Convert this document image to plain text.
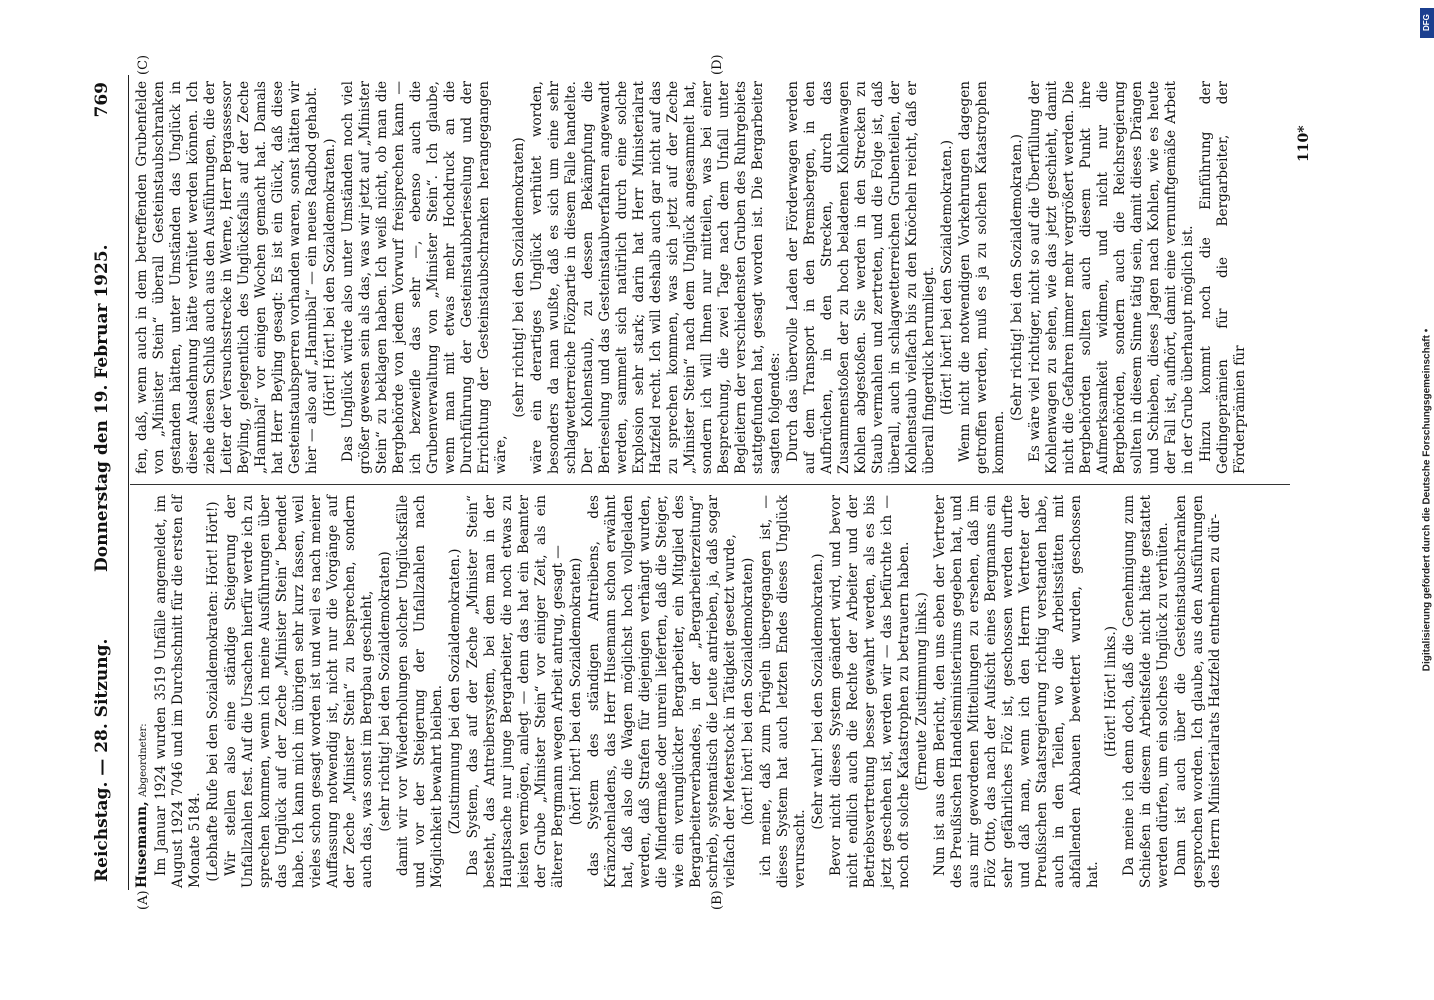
Reichstag. — 28. Sitzung.
Donnerstag den 19. Februar 1925.
769
(A)	(B)
(C)	(D)

Husemann, Abgeordneter: Im Januar 1924 wurden 3519 Unfälle angemeldet, im August 1924 7046 und im Durchschnitt für die ersten elf Monate 5184. (Lebhafte Rufe bei den Sozialdemokraten: Hört! Hört!) Wir stellen also eine ständige Steigerung der Unfallzahlen fest. Auf die Ursachen hierfür werde ich zu sprechen kommen, wenn ich meine Ausführungen über das Unglück auf der Zeche „Minister Stein“ beendet habe. Ich kann mich im übrigen sehr kurz fassen, weil vieles schon gesagt worden ist und weil es nach meiner Auffassung notwendig ist, nicht nur die Vorgänge auf der Zeche „Minister Stein“ zu besprechen, sondern auch das, was sonst im Bergbau geschieht, (sehr richtig! bei den Sozialdemokraten) damit wir vor Wiederholungen solcher Unglücksfälle und vor der Steigerung der Unfallzahlen nach Möglichkeit bewahrt bleiben. (Zustimmung bei den Sozialdemokraten.) Das System, das auf der Zeche „Minister Stein“ besteht, das Antreibersystem, bei dem man in der Hauptsache nur junge Bergarbeiter, die noch etwas zu leisten vermögen, anlegt — denn das hat ein Beamter der Grube „Minister Stein“ vor einiger Zeit, als ein älterer Bergmann wegen Arbeit antrug, gesagt — (hört! hört! bei den Sozialdemokraten) das System des ständigen Antreibens, des Kränzchenladens, das Herr Husemann schon erwähnt hat, daß also die Wagen möglichst hoch vollgeladen werden, daß Strafen für diejenigen verhängt wurden, die Mindermaße oder unrein lieferten, daß die Steiger, wie ein verunglückter Bergarbeiter, ein Mitglied des Bergarbeiterverbandes, in der „Bergarbeiterzeitung“ schrieb, systematisch die Leute antrieben, ja, daß sogar vielfach der Meterstock in Tätigkeit gesetzt wurde, (hört! hört! bei den Sozialdemokraten) ich meine, daß zum Prügeln übergegangen ist, — dieses System hat auch letzten Endes dieses Unglück verursacht.

(Sehr wahr! bei den Sozialdemokraten.) Bevor nicht dieses System geändert wird, und bevor nicht endlich auch die Rechte der Arbeiter und der Betriebsvertretung besser gewahrt werden, als es bis jetzt geschehen ist, werden wir — das befürchte ich — noch oft solche Katastrophen zu betrauern haben. (Erneute Zustimmung links.) Nun ist aus dem Bericht, den uns eben der Vertreter des Preußischen Handelsministeriums gegeben hat, und aus mir gewordenen Mitteilungen zu ersehen, daß im Flöz Otto, das nach der Aufsicht eines Bergmanns ein sehr gefährliches Flöz ist, geschossen werden durfte und daß man, wenn ich den Herrn Vertreter der Preußischen Staatsregierung richtig verstanden habe, auch in den Teilen, wo die Arbeitsstätten mit abfallenden Abbauen bewettert wurden, geschossen hat.

(Hört! Hört! links.) Da meine ich denn doch, daß die Genehmigung zum Schießen in diesem Arbeitsfelde nicht hätte gestattet werden dürfen, um ein solches Unglück zu verhüten. Dann ist auch über die Gesteinstaubschranken gesprochen worden. Ich glaube, aus den Ausführungen des Herrn Ministerialrats Hatzfeld entnehmen zu dür-

fen, daß, wenn auch in dem betreffenden Grubenfelde von „Minister Stein“ überall Gesteinstaubschranken gestanden hätten, unter Umständen das Unglück in dieser Ausdehnung hätte verhütet werden können. Ich ziehe diesen Schluß auch aus den Ausführungen, die der Leiter der Versuchsstrecke in Werne, Herr Bergassessor Beyling, gelegentlich des Unglücksfalls auf der Zeche „Hannibal“ vor einigen Wochen gemacht hat. Damals hat Herr Beyling gesagt: Es ist ein Glück, daß diese Gesteinstaubsperren vorhanden waren, sonst hätten wir hier — also auf „Hannibal“ — ein neues Radbod gehabt. (Hört! Hört! bei den Sozialdemokraten.) Das Unglück würde also unter Umständen noch viel größer gewesen sein als das, was wir jetzt auf „Minister Stein“ zu beklagen haben. Ich weiß nicht, ob man die Bergbehörde von jedem Vorwurf freisprechen kann — ich bezweifle das sehr —, ebenso auch die Grubenverwaltung von „Minister Stein“. Ich glaube, wenn man mit etwas mehr Hochdruck an die Durchführung der Gesteinstaubberieselung und der Errichtung der Gesteinstaubschranken herangegangen wäre,

(sehr richtig! bei den Sozialdemokraten) wäre ein derartiges Unglück verhütet worden, besonders da man wußte, daß es sich um eine sehr schlagwetterreiche Flözpartie in diesem Falle handelte. Der Kohlenstaub, zu dessen Bekämpfung die Berieselung und das Gesteinstaubverfahren angewandt werden, sammelt sich natürlich durch eine solche Explosion sehr stark; darin hat Herr Ministerialrat Hatzfeld recht. Ich will deshalb auch gar nicht auf das zu sprechen kommen, was sich jetzt auf der Zeche „Minister Stein“ nach dem Unglück angesammelt hat, sondern ich will Ihnen nur mitteilen, was bei einer Besprechung, die zwei Tage nach dem Unfall unter Begleitern der verschiedensten Gruben des Ruhrgebiets stattgefunden hat, gesagt worden ist. Die Bergarbeiter sagten folgendes: Durch das übervolle Laden der Förderwagen werden auf dem Transport in den Bremsbergen, in den Aufbrüchen, in den Strecken, durch das Zusammenstoßen der zu hoch beladenen Kohlenwagen Kohlen abgestoßen. Sie werden in den Strecken zu Staub vermahlen und zertreten, und die Folge ist, daß überall, auch in schlagwetterreichen Grubenteilen, der Kohlenstaub vielfach bis zu den Knöcheln reicht, daß er überall fingerdick herumliegt. (Hört! hört! bei den Sozialdemokraten.) Wenn nicht die notwendigen Vorkehrungen dagegen getroffen werden, muß es ja zu solchen Katastrophen kommen.

(Sehr richtig! bei den Sozialdemokraten.) Es wäre viel richtiger, nicht so auf die Überfüllung der Kohlenwagen zu sehen, wie das jetzt geschieht, damit nicht die Gefahren immer mehr vergrößert werden. Die Bergbehörden sollten auch diesem Punkt ihre Aufmerksamkeit widmen, und nicht nur die Bergbehörden, sondern auch die Reichsregierung sollten in diesem Sinne tätig sein, damit dieses Drängen und Schieben, dieses Jagen nach Kohlen, wie es heute der Fall ist, aufhört, damit eine vernunftgemäße Arbeit in der Grube überhaupt möglich ist. Hinzu kommt noch die Einführung der Gedingeprämien für die Bergarbeiter, der Förderprämien für

110*
DFG
Digitalisierung gefördert durch die Deutsche Forschungsgemeinschaft •
